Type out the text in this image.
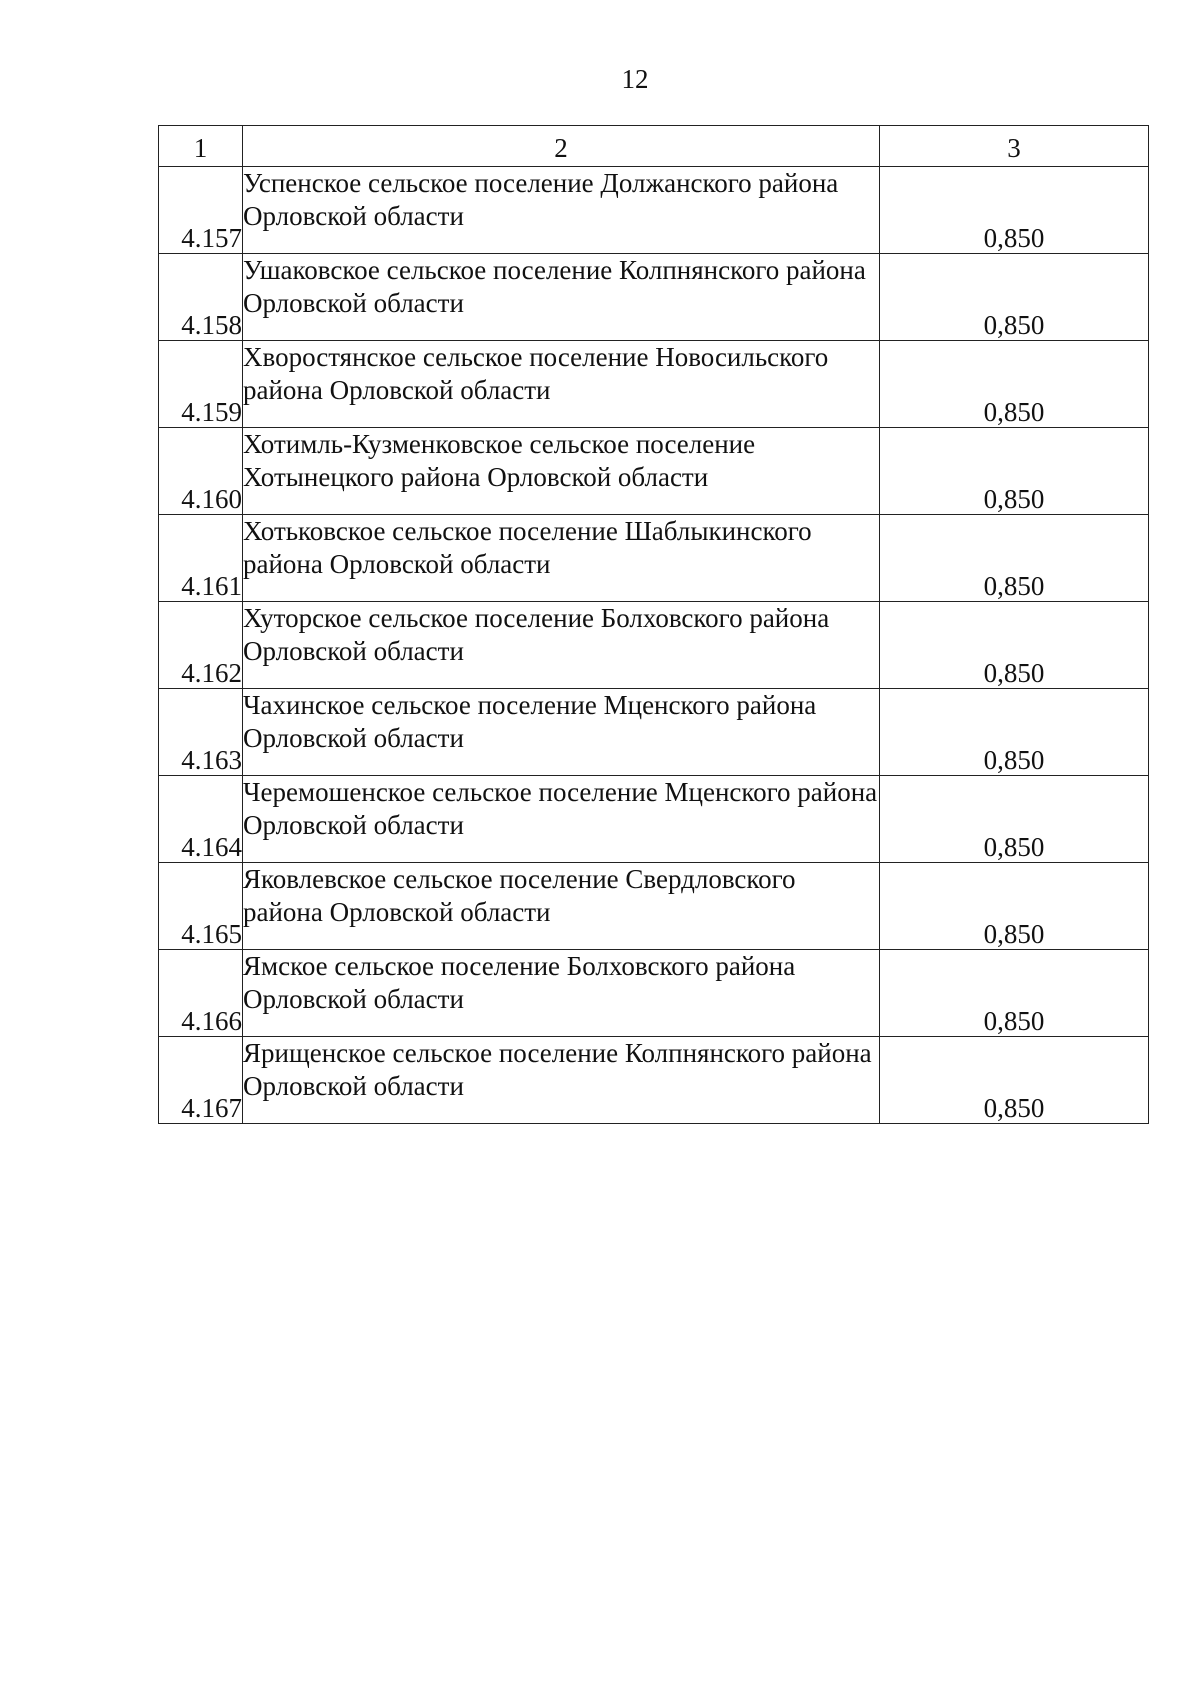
12
1	2	3
4.157	Успенское сельское поселение Должанского района Орловской области	0,850
4.158	Ушаковское сельское поселение Колпнянского района Орловской области	0,850
4.159	Хворостянское сельское поселение Новосильского района Орловской области	0,850
4.160	Хотимль-Кузменковское сельское поселение Хотынецкого района Орловской области	0,850
4.161	Хотьковское сельское поселение Шаблыкинского района Орловской области	0,850
4.162	Хуторское сельское поселение Болховского района Орловской области	0,850
4.163	Чахинское сельское поселение Мценского района Орловской области	0,850
4.164	Черемошенское сельское поселение Мценского района Орловской области	0,850
4.165	Яковлевское сельское поселение Свердловского района Орловской области	0,850
4.166	Ямское сельское поселение Болховского района Орловской области	0,850
4.167	Ярищенское сельское поселение Колпнянского района Орловской области	0,850
